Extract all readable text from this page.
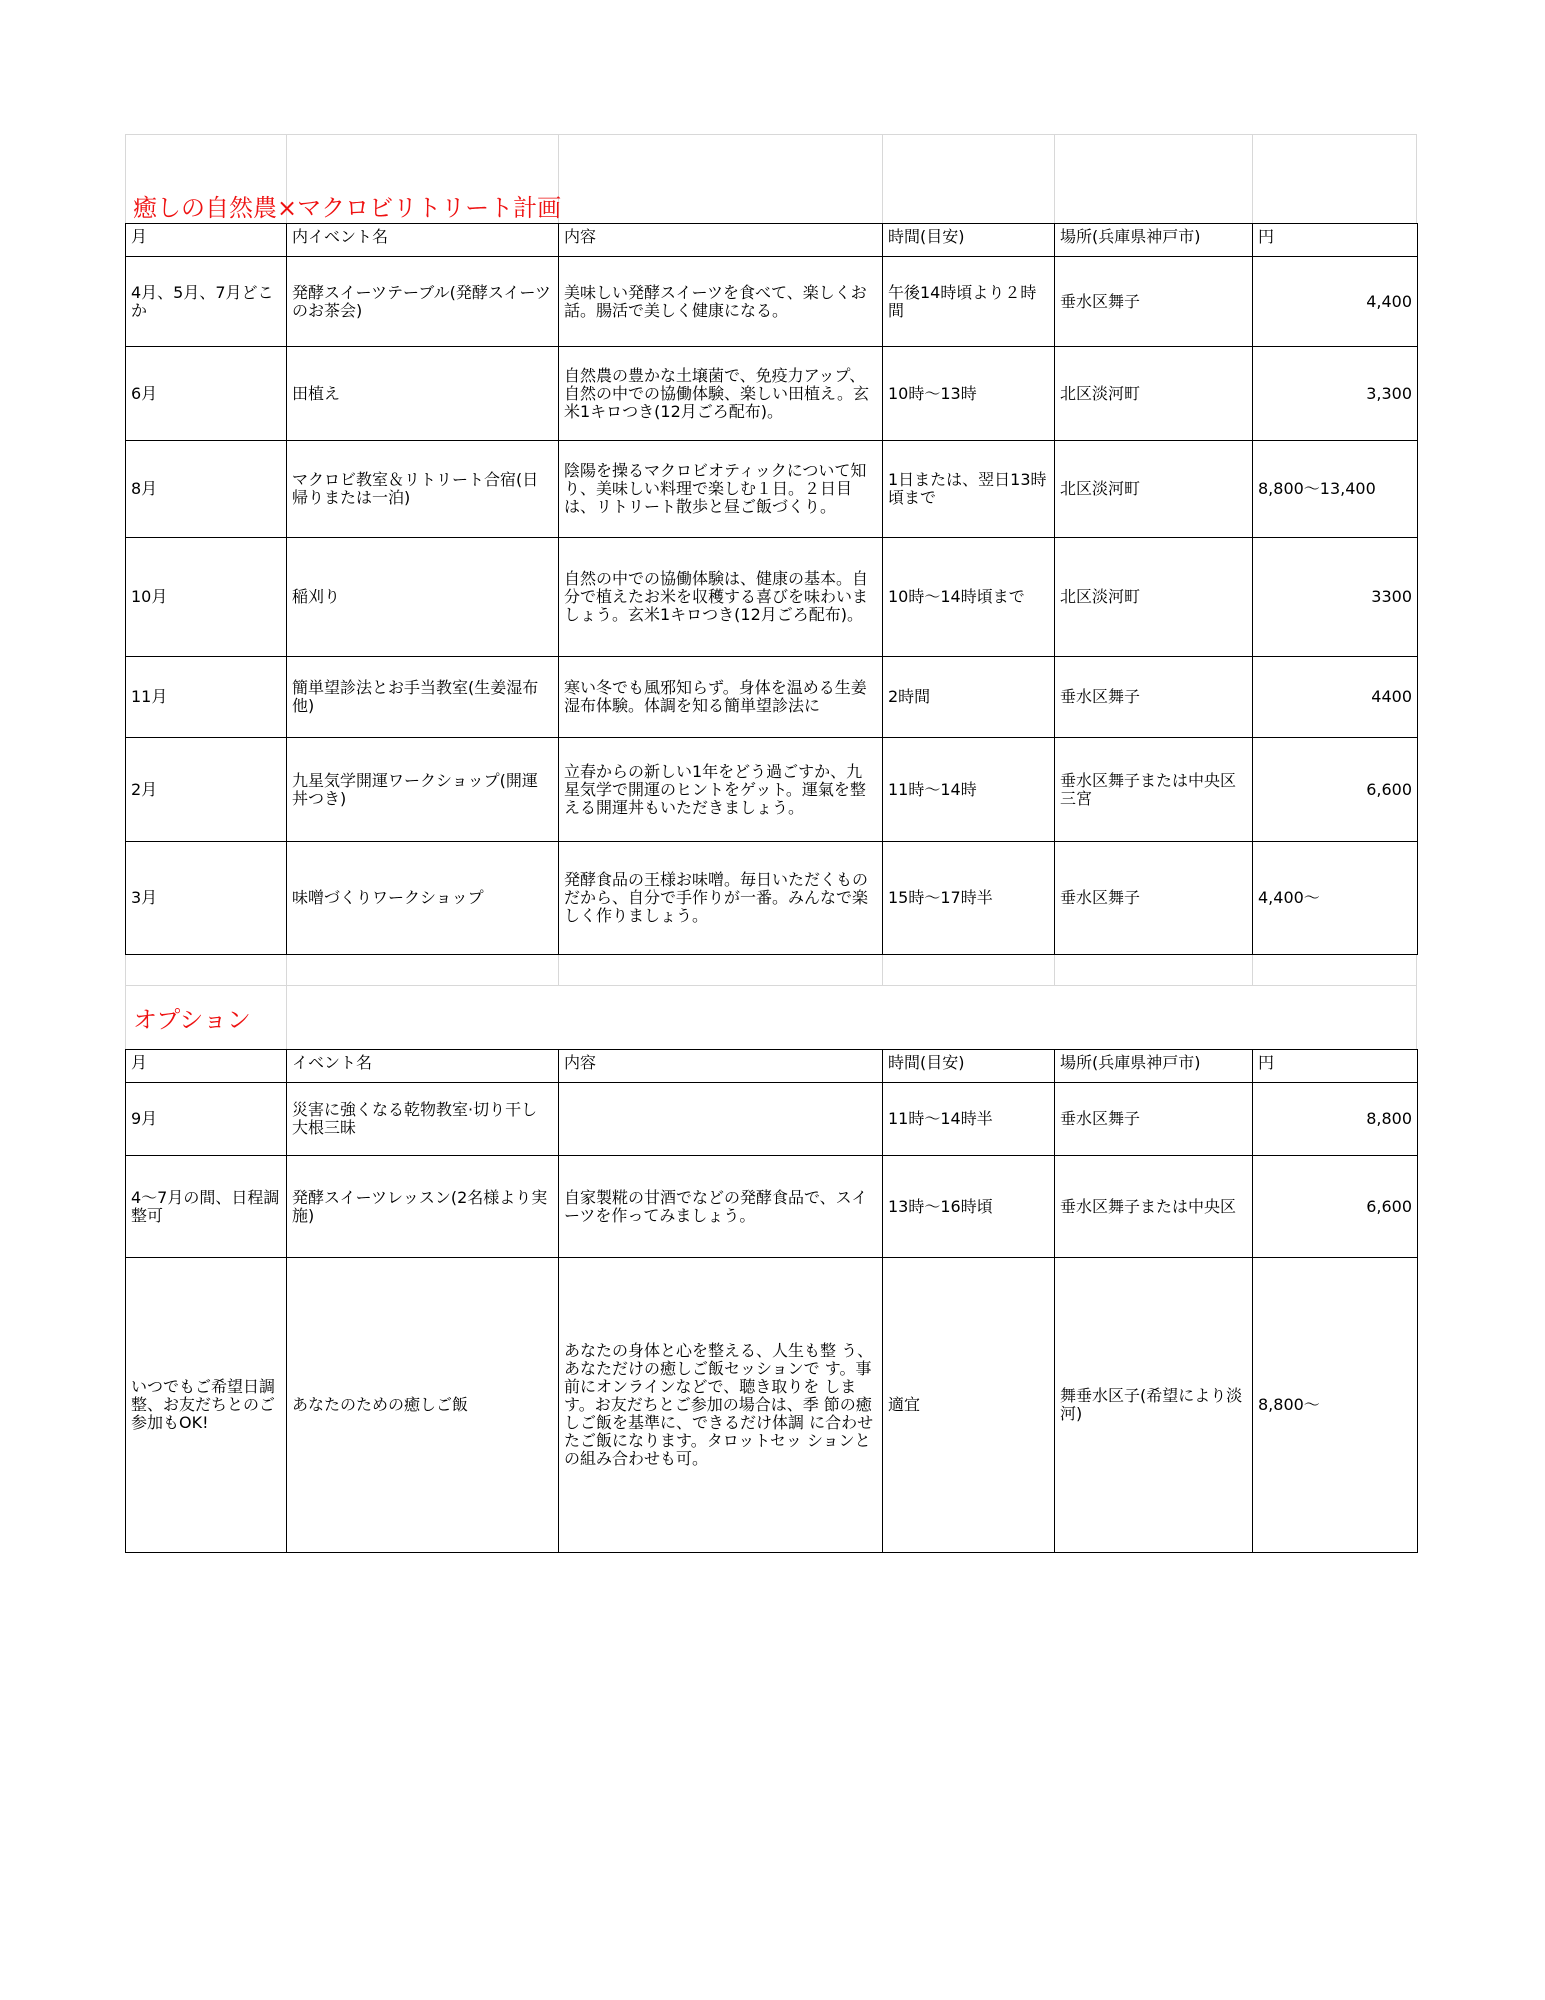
癒しの自然農×マクロビリトリート計画
月	内イベント名	内容	時間(目安)	場所(兵庫県神戸市)	円
4月、5月、7月どこか	発酵スイーツテーブル(発酵スイーツのお茶会)	美味しい発酵スイーツを食べて、楽しくお話。腸活で美しく健康になる。	午後14時頃より２時間	垂水区舞子	4,400
6月	田植え	自然農の豊かな土壌菌で、免疫力アップ、自然の中での協働体験、楽しい田植え。玄米1キロつき(12月ごろ配布)。	10時〜13時	北区淡河町	3,300
8月	マクロビ教室＆リトリート合宿(日帰りまたは一泊)	陰陽を操るマクロビオティックについて知り、美味しい料理で楽しむ１日。２日目は、リトリート散歩と昼ご飯づくり。	1日または、翌日13時頃まで	北区淡河町	8,800〜13,400
10月	稲刈り	自然の中での協働体験は、健康の基本。自分で植えたお米を収穫する喜びを味わいましょう。玄米1キロつき(12月ごろ配布)。	10時〜14時頃まで	北区淡河町	3300
11月	簡単望診法とお手当教室(生姜湿布他)	寒い冬でも風邪知らず。身体を温める生姜湿布体験。体調を知る簡単望診法に	2時間	垂水区舞子	4400
2月	九星気学開運ワークショップ(開運丼つき)	立春からの新しい1年をどう過ごすか、九星気学で開運のヒントをゲット。運氣を整える開運丼もいただきましょう。	11時〜14時	垂水区舞子または中央区三宮	6,600
3月	味噌づくりワークショップ	発酵食品の王様お味噌。毎日いただくものだから、自分で手作りが一番。みんなで楽しく作りましょう。	15時〜17時半	垂水区舞子	4,400〜
オプション
月	イベント名	内容	時間(目安)	場所(兵庫県神戸市)	円
9月	災害に強くなる乾物教室·切り干し大根三昧		11時〜14時半	垂水区舞子	8,800
4〜7月の間、日程調整可	発酵スイーツレッスン(2名様より実施)	自家製糀の甘酒でなどの発酵食品で、スイーツを作ってみましょう。	13時〜16時頃	垂水区舞子または中央区	6,600
いつでもご希望日調整、お友だちとのご参加もOK!	あなたのための癒しご飯	あなたの身体と心を整える、人生も整 う、あなただけの癒しご飯セッションで す。事前にオンラインなどで、聴き取りを します。お友だちとご参加の場合は、季 節の癒しご飯を基準に、できるだけ体調 に合わせたご飯になります。タロットセッ ションとの組み合わせも可。	適宜	舞垂水区子(希望により淡河)	8,800〜
